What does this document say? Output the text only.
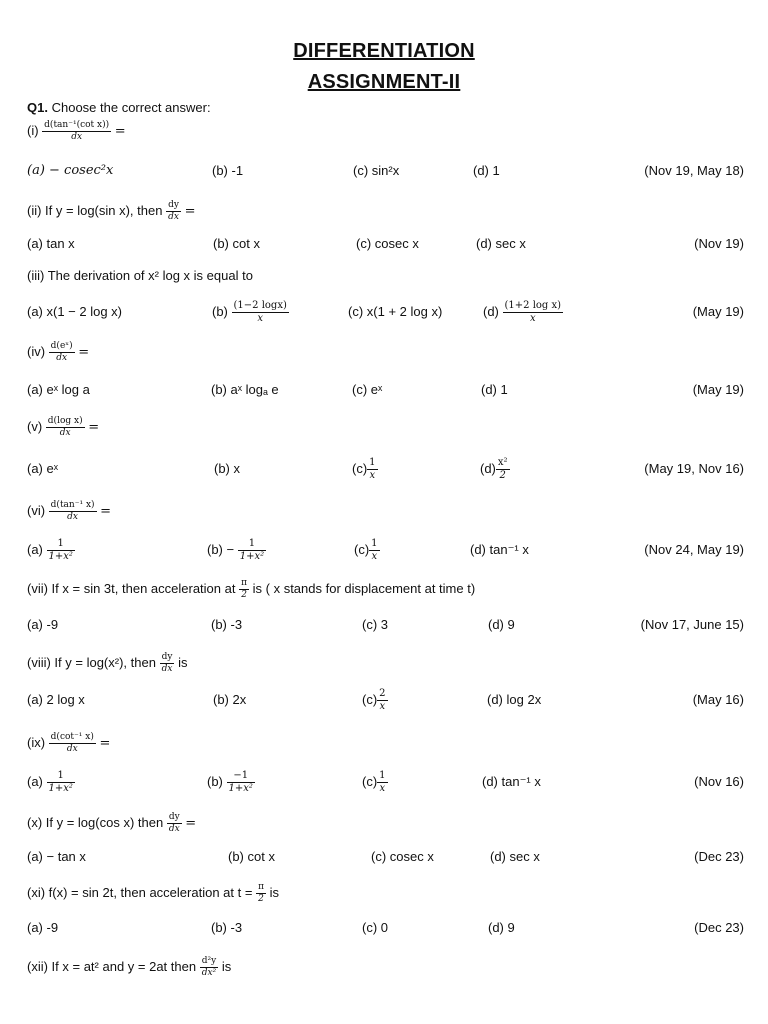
DIFFERENTIATION
ASSIGNMENT-II
Q1. Choose the correct answer:
$(i) \frac{\text{d(tan⁻¹(cot x))}}{dx}$ =
(a) − cosec²x	(b) -1	(c) sin²x	(d) 1	(Nov 19, May 18)
(ii) If y = log(sin x), then $\frac{dy}{dx}$ =
(a) tan x	(b) cot x	(c) cosec x	(d) sec x	(Nov 19)
(iii) The derivation of x² log x is equal to
(a) x(1 − 2 log x)	$(b) \frac{(1-2 \log x)}{x}$	(c) x(1 + 2 log x)	$(d) \frac{\text{(1+2 log x)}}{x}$	(May 19)
$(iv) \frac{\text{d(eˣ)}}{dx}$ =
(a) eˣ log a	(b) aˣ logₐ e	(c) eˣ	(d) 1	(May 19)
$(v) \frac{\text{d(log x)}}{dx}$ =
(a) eˣ	(b) x	$(c) \frac{1}{x}$	$(d) \frac{\text{x²}}{2}$	(May 19, Nov 16)
$(vi) \frac{\text{d(tan⁻¹ x)}}{dx}$ =
$(a) \frac{1}{\text{1+x²}}$	$(b) - \frac{1}{\text{1+x²}}$	$(c) \frac{1}{x}$	(d) tan⁻¹ x	(Nov 24, May 19)
(vii) If x = sin 3t, then acceleration at $\frac{\pi}{2}$ is ( x stands for displacement at time t)
(a) -9	(b) -3	(c) 3	(d) 9	(Nov 17, June 15)
(viii) If y = log(x²), then $\frac{dy}{dx}$ is
(a) 2 log x	(b) 2x	$(c) \frac{2}{x}$	(d) log 2x	(May 16)
$(ix) \frac{\text{d(cot⁻¹ x)}}{dx}$ =
$(a) \frac{1}{\text{1+x²}}$	$(b) \frac{-1}{\text{1+x²}}$	$(c) \frac{1}{x}$	(d) tan⁻¹ x	(Nov 16)
(x) If y = log(cos x) then $\frac{dy}{dx}$ =
(a) − tan x	(b) cot x	(c) cosec x	(d) sec x	(Dec 23)
(xi) f(x) = sin 2t, then acceleration at $t = \frac{\pi}{2}$ is
(a) -9	(b) -3	(c) 0	(d) 9	(Dec 23)
(xii) If x = at² and y = 2at then $\frac{\text{d²y}}{\text{dx²}}$ is
